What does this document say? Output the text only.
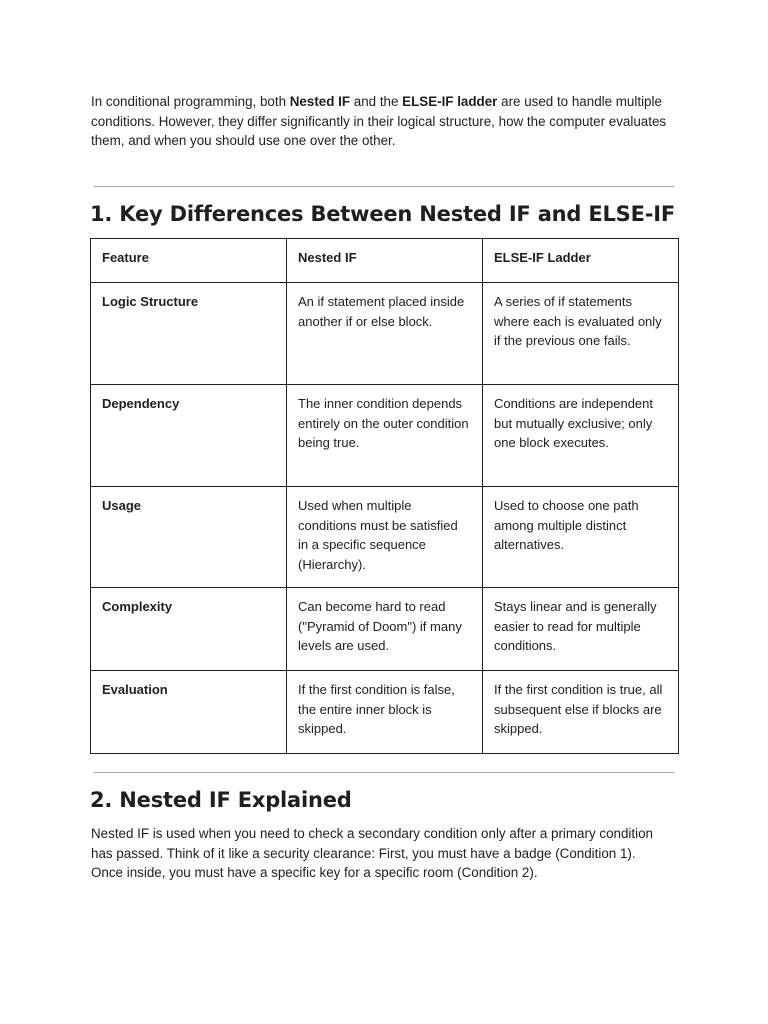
In conditional programming, both Nested IF and the ELSE-IF ladder are used to handle multiple conditions. However, they differ significantly in their logical structure, how the computer evaluates them, and when you should use one over the other.

1. Key Differences Between Nested IF and ELSE-IF
Feature	Nested IF	ELSE-IF Ladder
Logic Structure	An if statement placed inside another if or else block.	A series of if statements where each is evaluated only if the previous one fails.
Dependency	The inner condition depends entirely on the outer condition being true.	Conditions are independent but mutually exclusive; only one block executes.
Usage	Used when multiple conditions must be satisfied in a specific sequence (Hierarchy).	Used to choose one path among multiple distinct alternatives.
Complexity	Can become hard to read ("Pyramid of Doom") if many levels are used.	Stays linear and is generally easier to read for multiple conditions.
Evaluation	If the first condition is false, the entire inner block is skipped.	If the first condition is true, all subsequent else if blocks are skipped.
2. Nested IF Explained

Nested IF is used when you need to check a secondary condition only after a primary condition has passed. Think of it like a security clearance: First, you must have a badge (Condition 1). Once inside, you must have a specific key for a specific room (Condition 2).
